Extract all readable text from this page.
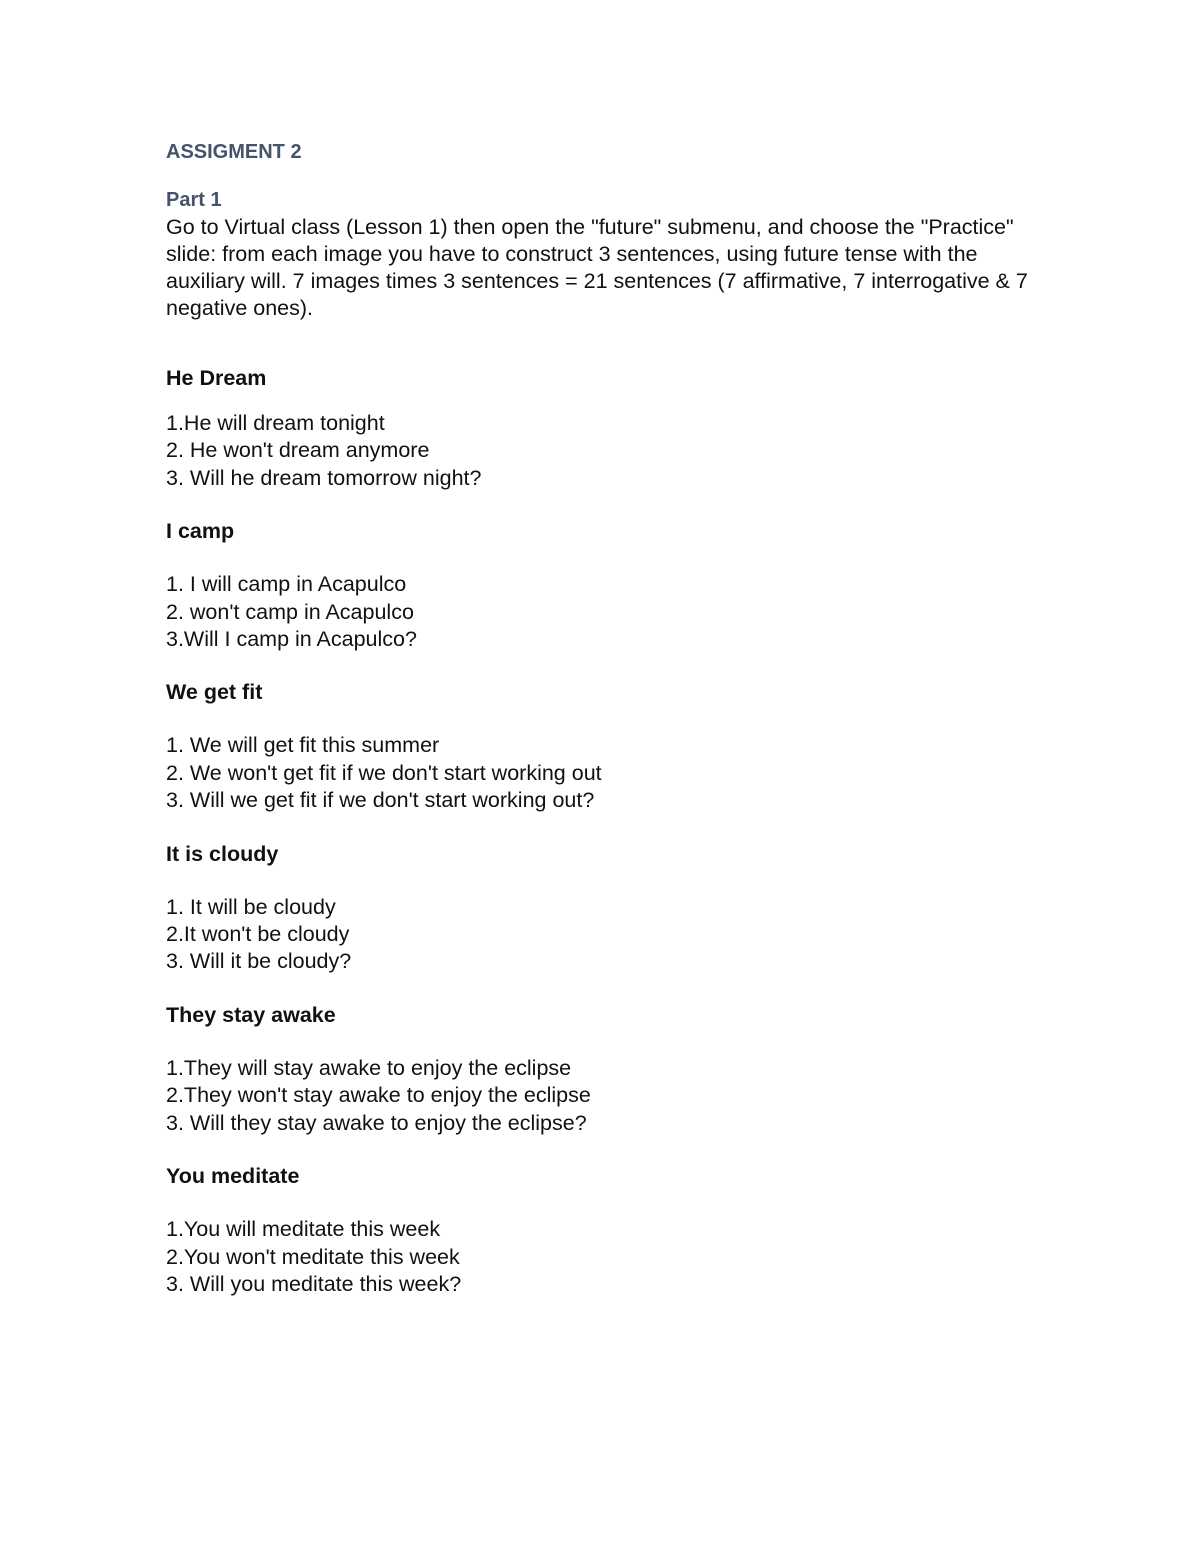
ASSIGMENT 2
Part 1

Go to Virtual class (Lesson 1) then open the "future" submenu, and choose the "Practice" slide: from each image you have to construct 3 sentences, using future tense with the auxiliary will. 7 images times 3 sentences = 21 sentences (7 affirmative, 7 interrogative & 7 negative ones).

He Dream
1.He will dream tonight
2. He won't dream anymore
3. Will he dream tomorrow night?
I camp
1. I will camp in Acapulco
2. won't camp in Acapulco
3.Will I camp in Acapulco?
We get fit
1. We will get fit this summer
2. We won't get fit if we don't start working out
3. Will we get fit if we don't start working out?
It is cloudy
1. It will be cloudy
2.It won't be cloudy
3. Will it be cloudy?
They stay awake
1.They will stay awake to enjoy the eclipse
2.They won't stay awake to enjoy the eclipse
3. Will they stay awake to enjoy the eclipse?
You meditate
1.You will meditate this week
2.You won't meditate this week
3. Will you meditate this week?
